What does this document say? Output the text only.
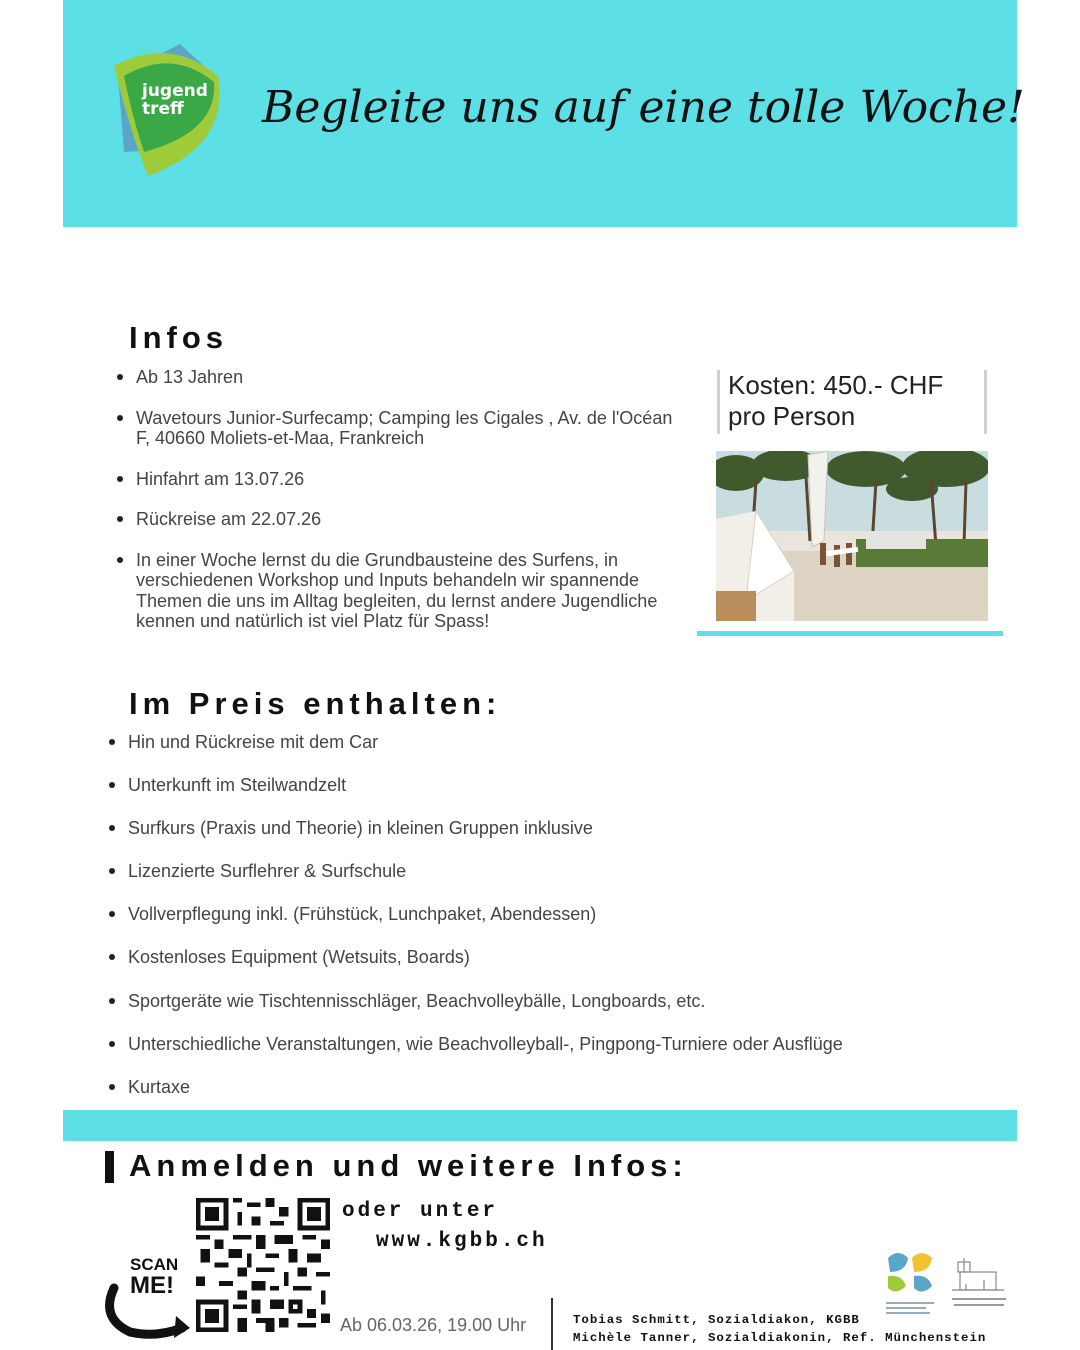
jugend
treff	Begleite uns auf eine tolle Woche!
Infos
Ab 13 Jahren
Wavetours Junior-Surfecamp; Camping les Cigales , Av. de l'Océan F, 40660 Moliets-et-Maa, Frankreich
Hinfahrt am 13.07.26
Rückreise am 22.07.26
In einer Woche lernst du die Grundbausteine des Surfens, in verschiedenen Workshop und Inputs behandeln wir spannende Themen die uns im Alltag begleiten, du lernst andere Jugendliche kennen und natürlich ist viel Platz für Spass!
Kosten: 450.- CHF
pro Person
Im Preis enthalten:
Hin und Rückreise mit dem Car
Unterkunft im Steilwandzelt
Surfkurs (Praxis und Theorie) in kleinen Gruppen inklusive
Lizenzierte Surflehrer & Surfschule
Vollverpflegung inkl. (Frühstück, Lunchpaket, Abendessen)
Kostenloses Equipment (Wetsuits, Boards)
Sportgeräte wie Tischtennisschläger, Beachvolleybälle, Longboards, etc.
Unterschiedliche Veranstaltungen, wie Beachvolleyball-, Pingpong-Turniere oder Ausflüge
Kurtaxe
Anmelden und weitere Infos:
oder unter
www.kgbb.ch
SCAN
ME!
Ab 06.03.26, 19.00 Uhr	Tobias Schmitt, Sozialdiakon, KGBB
Michèle Tanner, Sozialdiakonin, Ref. Münchenstein
